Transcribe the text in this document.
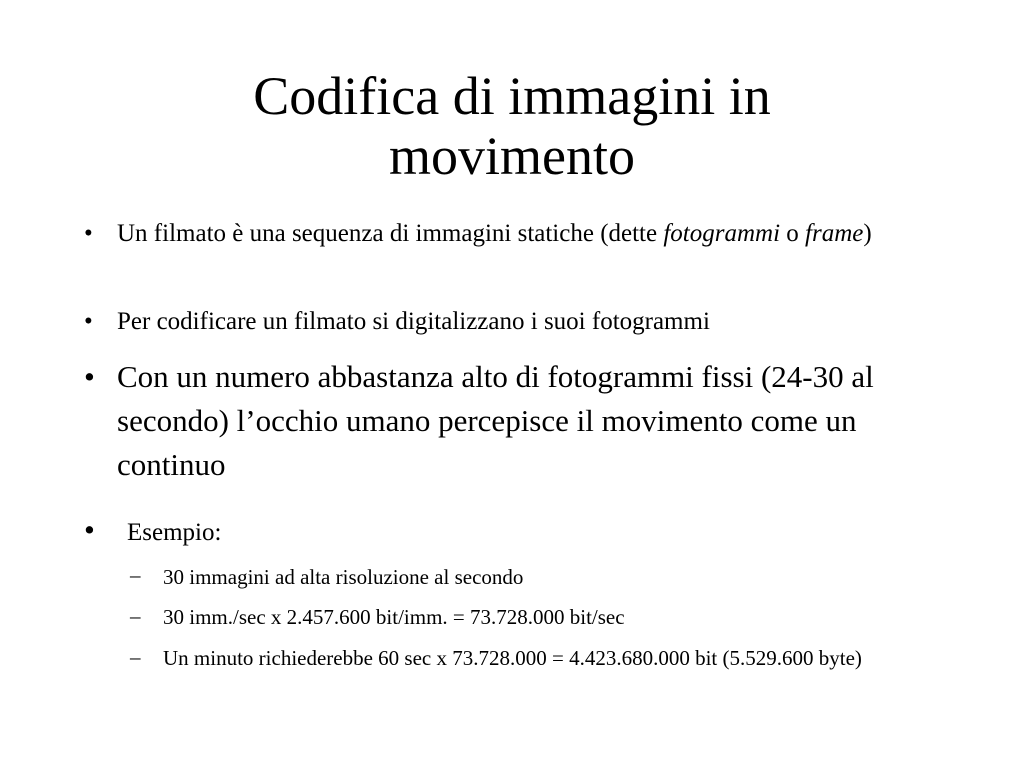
Codifica di immagini in
movimento
• Un filmato è una sequenza di immagini statiche (dette fotogrammi o frame)
• Per codificare un filmato si digitalizzano i suoi fotogrammi
• Con un numero abbastanza alto di fotogrammi fissi (24-30 al secondo) l’occhio umano percepisce il movimento come un continuo
• Esempio:
– 30 immagini ad alta risoluzione al secondo
– 30 imm./sec x 2.457.600 bit/imm. = 73.728.000 bit/sec
– Un minuto richiederebbe 60 sec x 73.728.000 = 4.423.680.000 bit (5.529.600 byte)
